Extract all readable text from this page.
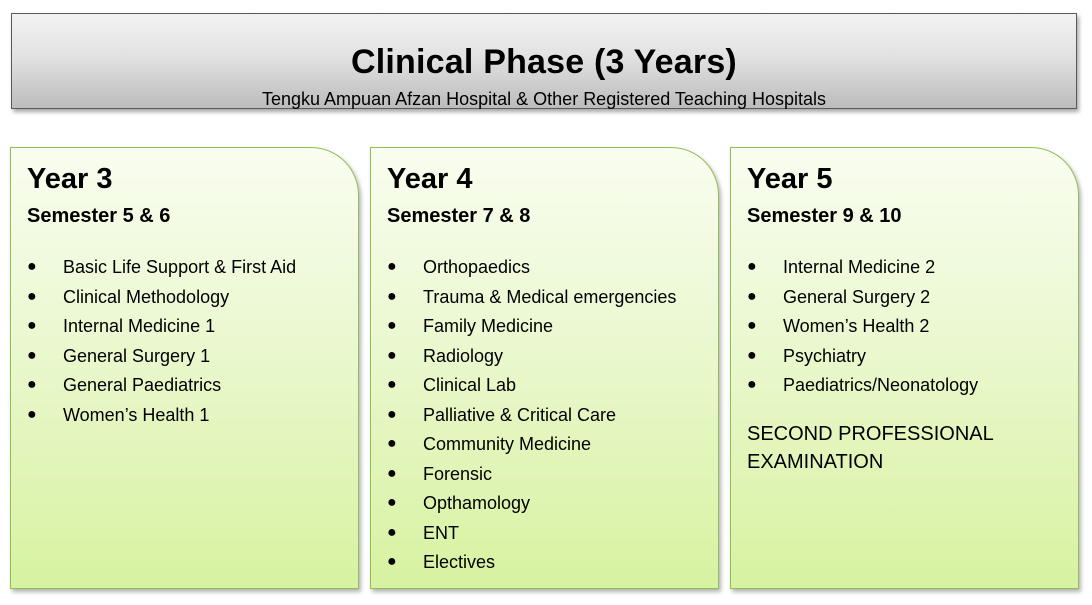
Clinical Phase (3 Years)
Tengku Ampuan Afzan Hospital & Other Registered Teaching Hospitals
Year 3
Semester 5 & 6
● Basic Life Support & First Aid
● Clinical Methodology
● Internal Medicine 1
● General Surgery 1
● General Paediatrics
● Women’s Health 1
Year 4
Semester 7 & 8
● Orthopaedics
● Trauma & Medical emergencies
● Family Medicine
● Radiology
● Clinical Lab
● Palliative & Critical Care
● Community Medicine
● Forensic
● Opthamology
● ENT
● Electives
Year 5
Semester 9 & 10
● Internal Medicine 2
● General Surgery 2
● Women’s Health 2
● Psychiatry
● Paediatrics/Neonatology
SECOND PROFESSIONAL
EXAMINATION
